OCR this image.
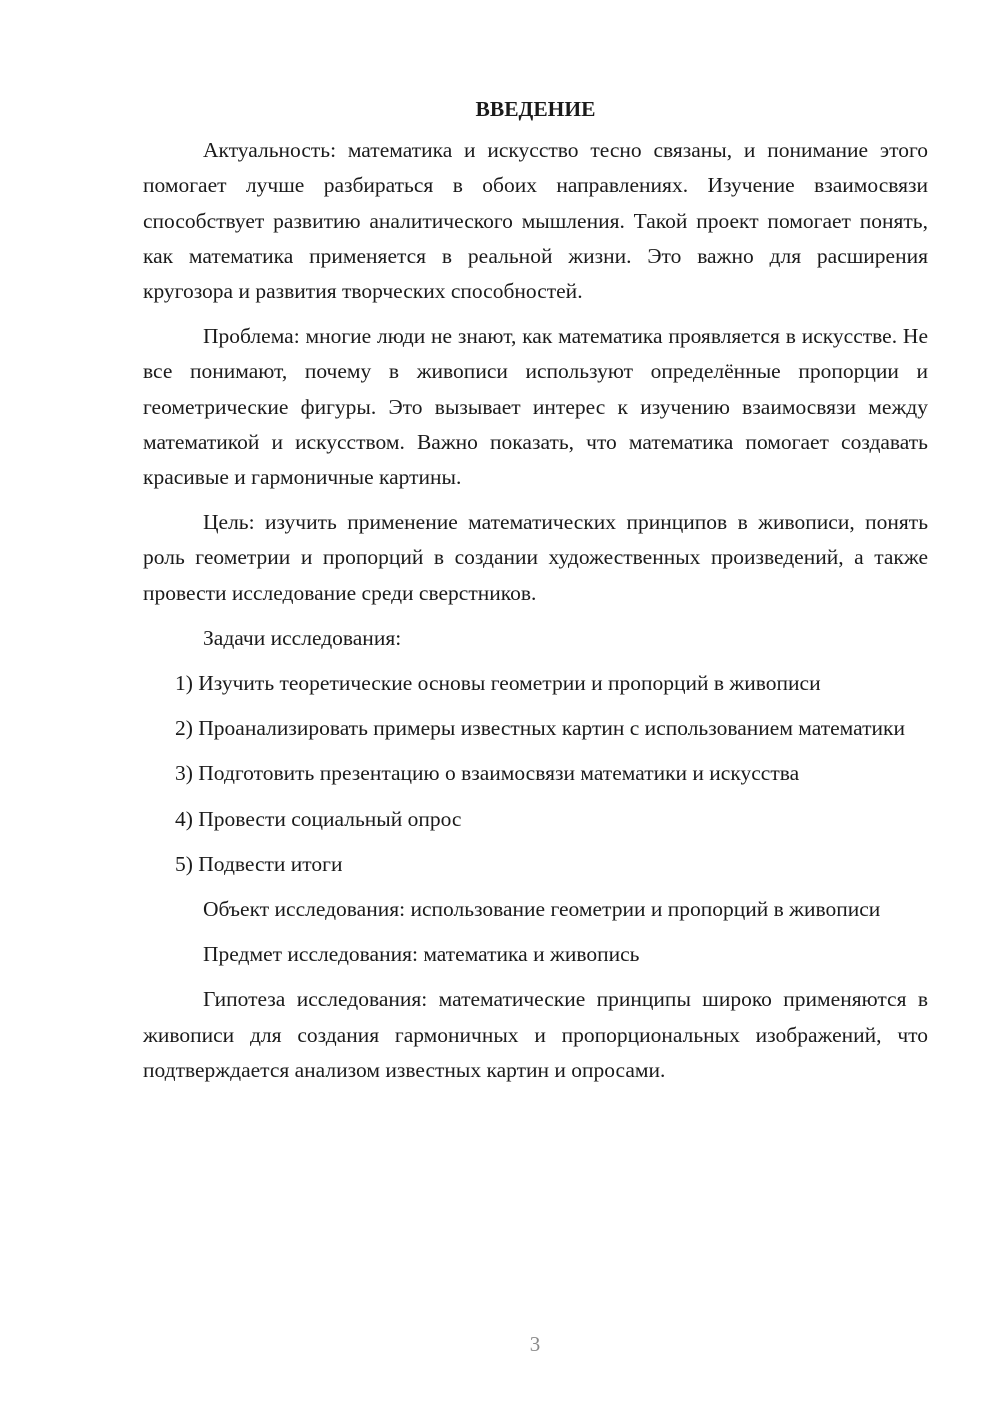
ВВЕДЕНИЕ

Актуальность: математика и искусство тесно связаны, и понимание этого помогает лучше разбираться в обоих направлениях. Изучение взаимосвязи способствует развитию аналитического мышления. Такой проект помогает понять, как математика применяется в реальной жизни. Это важно для расширения кругозора и развития творческих способностей.

Проблема: многие люди не знают, как математика проявляется в искусстве. Не все понимают, почему в живописи используют определённые пропорции и геометрические фигуры. Это вызывает интерес к изучению взаимосвязи между математикой и искусством. Важно показать, что математика помогает создавать красивые и гармоничные картины.

Цель: изучить применение математических принципов в живописи, понять роль геометрии и пропорций в создании художественных произведений, а также провести исследование среди сверстников.

Задачи исследования:

1) Изучить теоретические основы геометрии и пропорций в живописи

2) Проанализировать примеры известных картин с использованием математики

3) Подготовить презентацию о взаимосвязи математики и искусства

4) Провести социальный опрос

5) Подвести итоги

Объект исследования: использование геометрии и пропорций в живописи

Предмет исследования: математика и живопись

Гипотеза исследования: математические принципы широко применяются в живописи для создания гармоничных и пропорциональных изображений, что подтверждается анализом известных картин и опросами.

3
